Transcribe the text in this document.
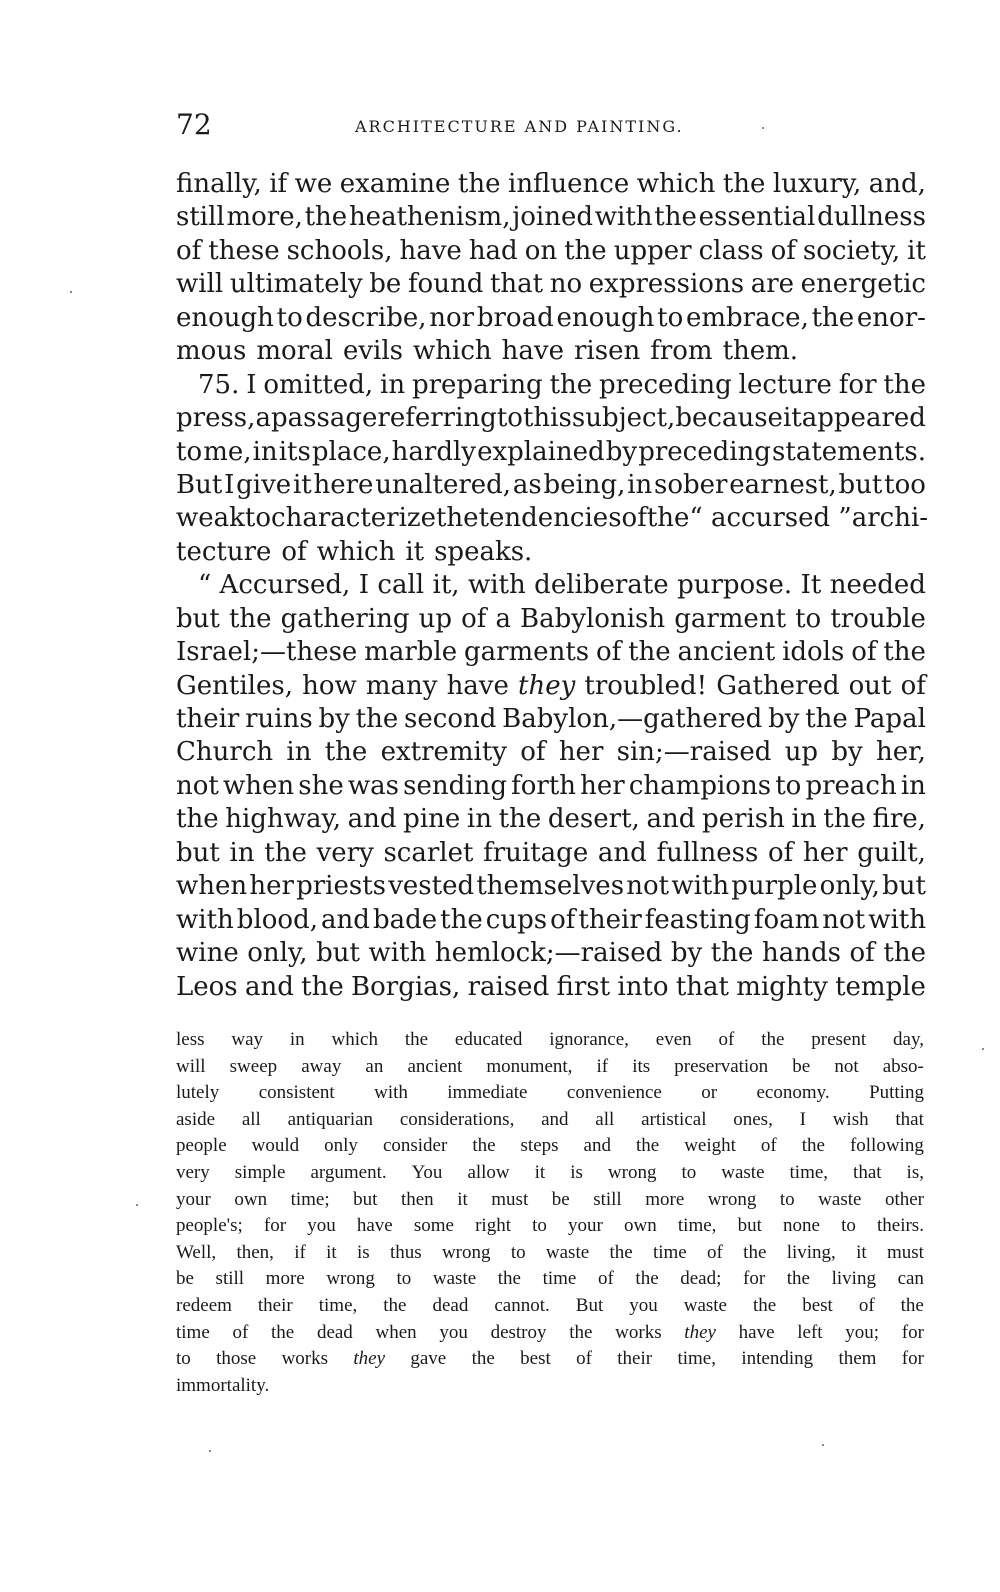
72	ARCHITECTURE AND PAINTING.
finally, if we examine the influence which the luxury, and,
still more, the heathenism, joined with the essential dullness
of these schools, have had on the upper class of society, it
will ultimately be found that no expressions are energetic
enough to describe, nor broad enough to embrace, the enor-
mous moral evils which have risen from them.
75. I omitted, in preparing the preceding lecture for the
press, a passage referring to this subject, because it appeared
to me, in its place, hardly explained by preceding statements.
But I give it here unaltered, as being, in sober earnest, but too
weak to characterize the tendencies of the “ accursed ” archi-
tecture of which it speaks.
“ Accursed, I call it, with deliberate purpose. It needed
but the gathering up of a Babylonish garment to trouble
Israel;—these marble garments of the ancient idols of the
Gentiles, how many have they troubled! Gathered out of
their ruins by the second Babylon,—gathered by the Papal
Church in the extremity of her sin;—raised up by her,
not when she was sending forth her champions to preach in
the highway, and pine in the desert, and perish in the fire,
but in the very scarlet fruitage and fullness of her guilt,
when her priests vested themselves not with purple only, but
with blood, and bade the cups of their feasting foam not with
wine only, but with hemlock;—raised by the hands of the
Leos and the Borgias, raised first into that mighty temple
less way in which the educated ignorance, even of the present day,
will sweep away an ancient monument, if its preservation be not abso-
lutely consistent with immediate convenience or economy. Putting
aside all antiquarian considerations, and all artistical ones, I wish that
people would only consider the steps and the weight of the following
very simple argument. You allow it is wrong to waste time, that is,
your own time; but then it must be still more wrong to waste other
people's; for you have some right to your own time, but none to theirs.
Well, then, if it is thus wrong to waste the time of the living, it must
be still more wrong to waste the time of the dead; for the living can
redeem their time, the dead cannot. But you waste the best of the
time of the dead when you destroy the works they have left you; for
to those works they gave the best of their time, intending them for
immortality.
